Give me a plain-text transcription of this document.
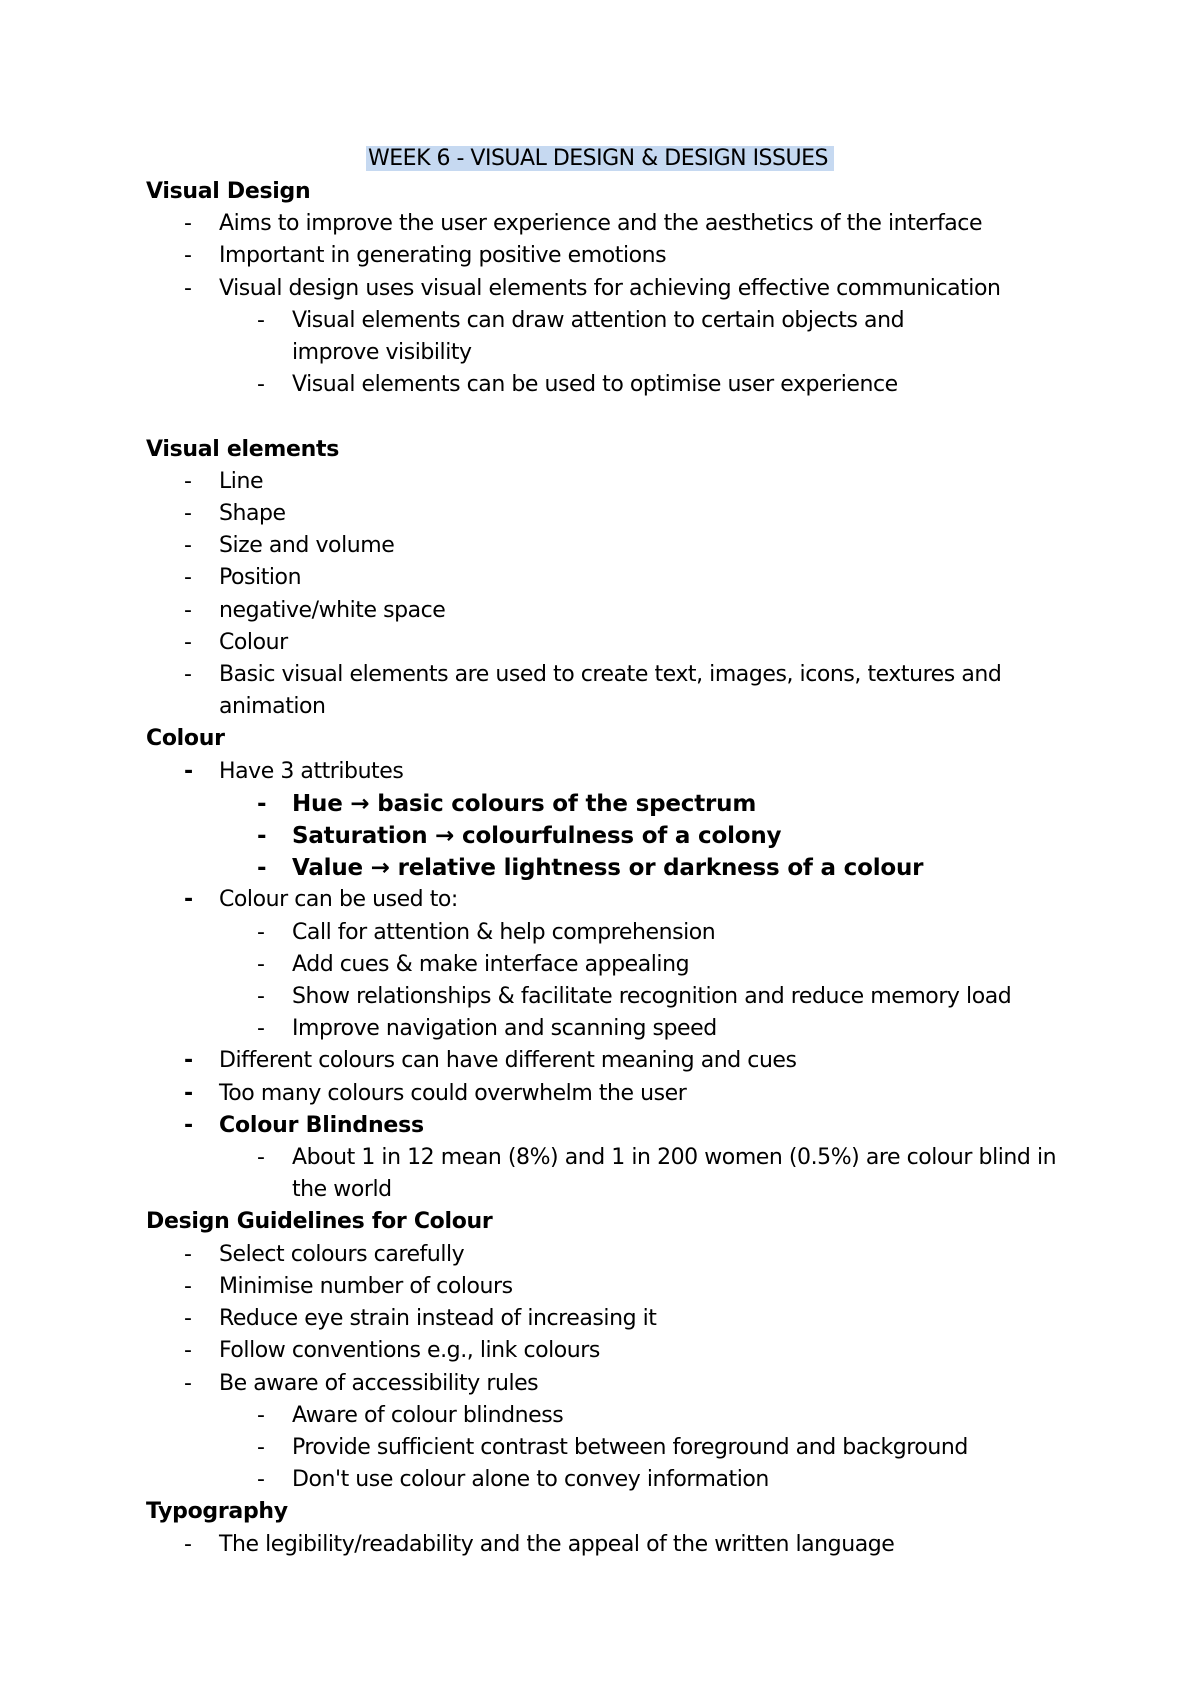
WEEK 6 - VISUAL DESIGN & DESIGN ISSUES
Visual Design
- Aims to improve the user experience and the aesthetics of the interface
- Important in generating positive emotions
- Visual design uses visual elements for achieving effective communication
- Visual elements can draw attention to certain objects and improve visibility
- Visual elements can be used to optimise user experience
Visual elements
- Line
- Shape
- Size and volume
- Position
- negative/white space
- Colour
- Basic visual elements are used to create text, images, icons, textures and animation
Colour
- Have 3 attributes
- Hue → basic colours of the spectrum
- Saturation → colourfulness of a colony
- Value → relative lightness or darkness of a colour
- Colour can be used to:
- Call for attention & help comprehension
- Add cues & make interface appealing
- Show relationships & facilitate recognition and reduce memory load
- Improve navigation and scanning speed
- Different colours can have different meaning and cues
- Too many colours could overwhelm the user
- Colour Blindness
- About 1 in 12 mean (8%) and 1 in 200 women (0.5%) are colour blind in the world
Design Guidelines for Colour
- Select colours carefully
- Minimise number of colours
- Reduce eye strain instead of increasing it
- Follow conventions e.g., link colours
- Be aware of accessibility rules
- Aware of colour blindness
- Provide sufficient contrast between foreground and background
- Don't use colour alone to convey information
Typography
- The legibility/readability and the appeal of the written language
